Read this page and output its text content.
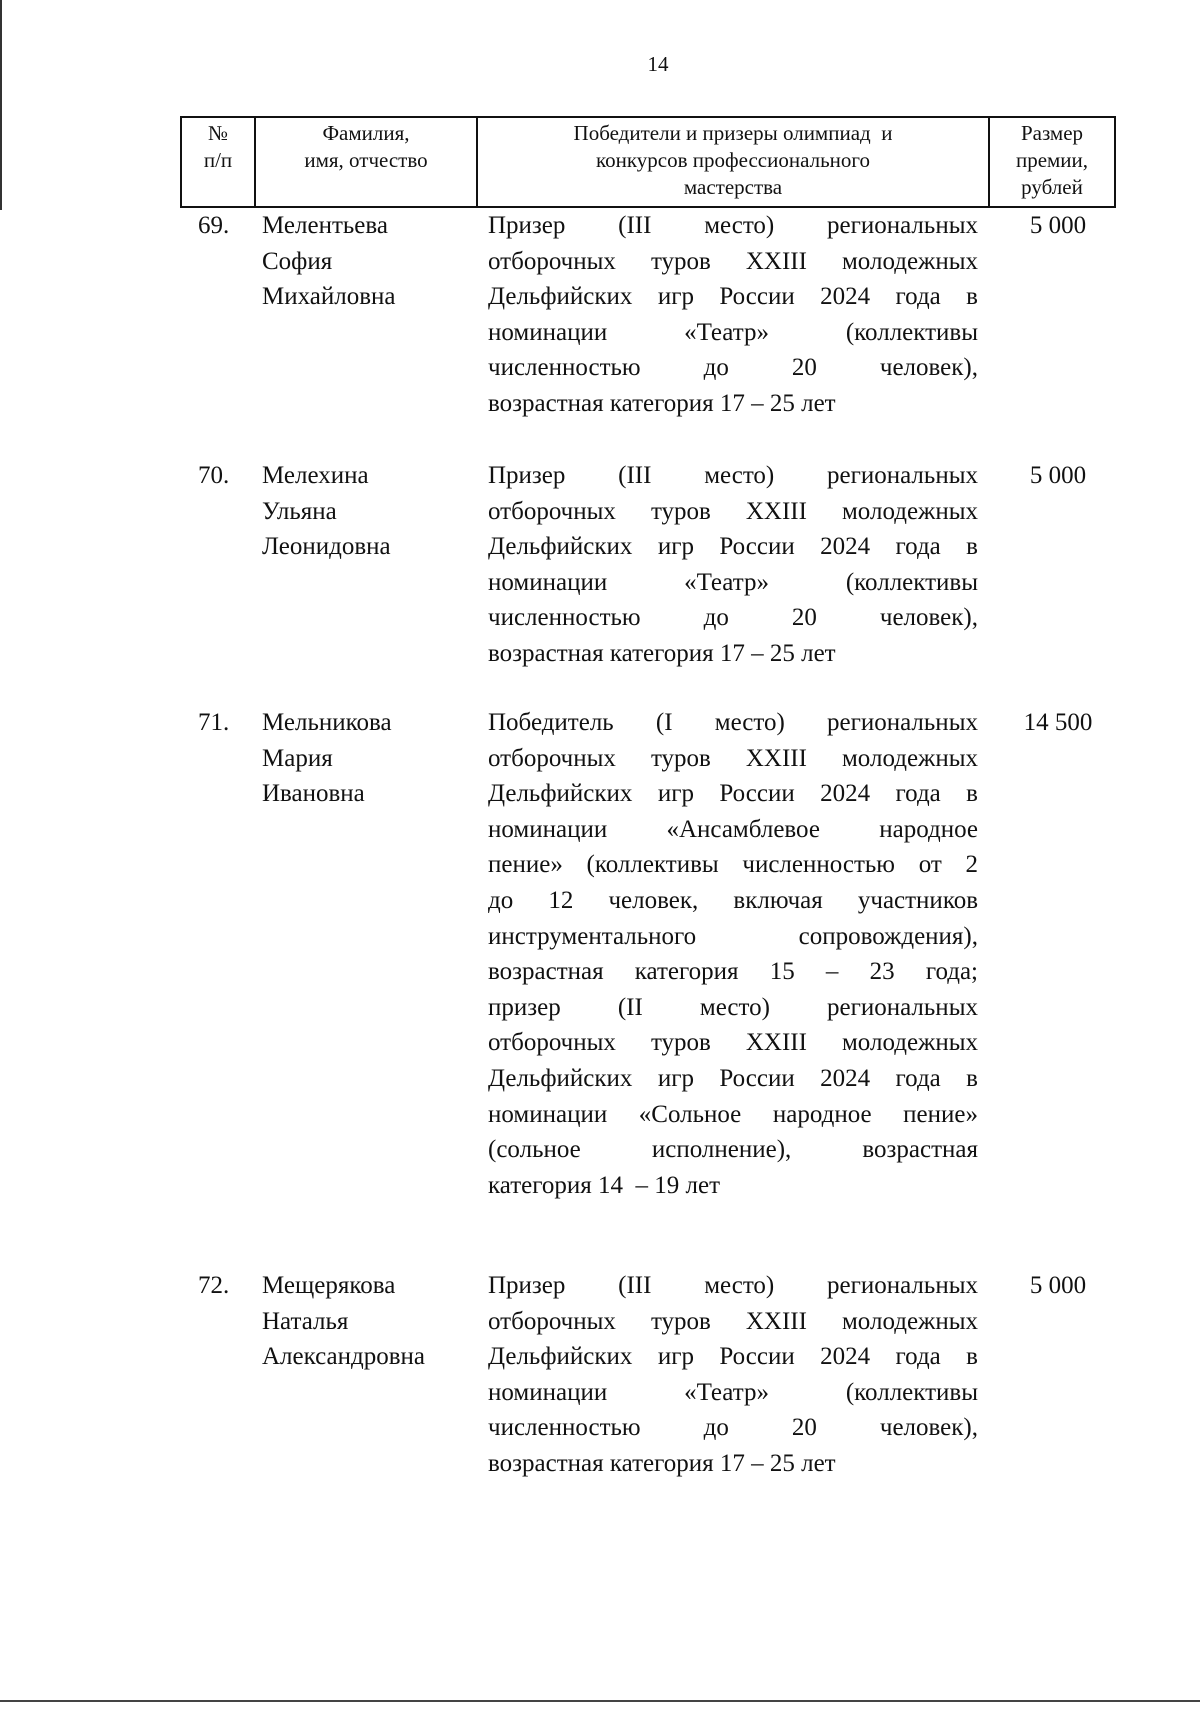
14
№
п/п
Фамилия,
имя, отчество
Победители и призеры олимпиад  и
конкурсов профессионального
мастерства
Размер
премии,
рублей
69. Мелентьева
София
Михайловна
Призер (III место) региональных
отборочных туров XXIII молодежных
Дельфийских игр России 2024 года в
номинации «Театр» (коллективы
численностью до 20 человек),
возрастная категория 17 – 25 лет
5 000
70. Мелехина
Ульяна
Леонидовна
Призер (III место) региональных
отборочных туров XXIII молодежных
Дельфийских игр России 2024 года в
номинации «Театр» (коллективы
численностью до 20 человек),
возрастная категория 17 – 25 лет
5 000
71. Мельникова
Мария
Ивановна
Победитель (I место) региональных
отборочных туров XXIII молодежных
Дельфийских игр России 2024 года в
номинации «Ансамблевое народное
пение» (коллективы численностью от 2
до 12 человек, включая участников
инструментального сопровождения),
возрастная категория 15 – 23 года;
призер (II место) региональных
отборочных туров XXIII молодежных
Дельфийских игр России 2024 года в
номинации «Сольное народное пение»
(сольное исполнение), возрастная
категория 14  – 19 лет
14 500
72. Мещерякова
Наталья
Александровна
Призер (III место) региональных
отборочных туров XXIII молодежных
Дельфийских игр России 2024 года в
номинации «Театр» (коллективы
численностью до 20 человек),
возрастная категория 17 – 25 лет
5 000
